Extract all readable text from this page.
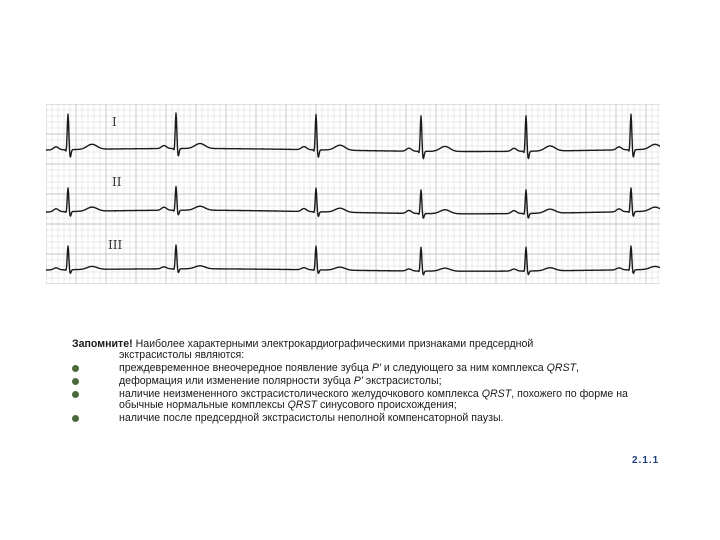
I
II
III

Запомните! Наиболее характерными электрокардиографическими признаками предсердной
экстрасистолы являются:

преждевременное внеочередное появление зубца Р' и следующего за ним комплекса QRST,
деформация или изменение полярности зубца Р' экстрасистолы;
наличие неизмененного экстрасистолического желудочкового комплекса QRST, похожего по форме на обычные нормальные комплексы QRST синусового происхождения;
наличие после предсердной экстрасистолы неполной компенсаторной паузы.
2.1.1
